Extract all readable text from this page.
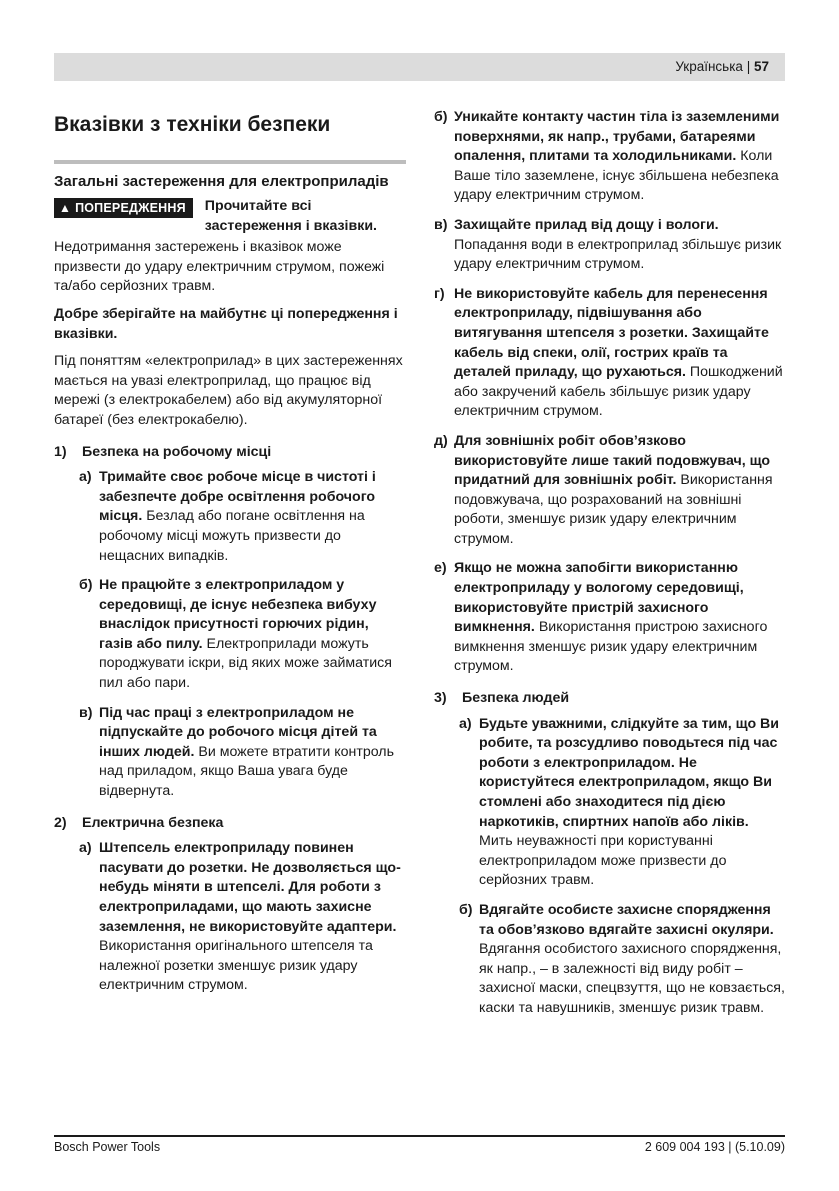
Українська | 57
Вказівки з техніки безпеки
Загальні застереження для електроприладів
▲ ПОПЕРЕДЖЕННЯ	Прочитайте всі застереження і вказівки.

Недотримання застережень і вказівок може призвести до удару електричним струмом, пожежі та/або серйозних травм.

Добре зберігайте на майбутнє ці попередження і вказівки.

Під поняттям «електроприлад» в цих застереженнях мається на увазі електроприлад, що працює від мережі (з електрокабелем) або від акумуляторної батареї (без електрокабелю).

1) Безпека на робочому місці
a) Тримайте своє робоче місце в чистоті і забезпечте добре освітлення робочого місця. Безлад або погане освітлення на робочому місці можуть призвести до нещасних випадків.
б) Не працюйте з електроприладом у середовищі, де існує небезпека вибуху внаслідок присутності горючих рідин, газів або пилу. Електроприлади можуть породжувати іскри, від яких може займатися пил або пари.
в) Під час праці з електроприладом не підпускайте до робочого місця дітей та інших людей. Ви можете втратити контроль над приладом, якщо Ваша увага буде відвернута.
2) Електрична безпека
a) Штепсель електроприладу повинен пасувати до розетки. Не дозволяється що-небудь міняти в штепселі. Для роботи з електроприладами, що мають захисне заземлення, не використовуйте адаптери. Використання оригінального штепселя та належної розетки зменшує ризик удару електричним струмом.
б) Уникайте контакту частин тіла із заземленими поверхнями, як напр., трубами, батареями опалення, плитами та холодильниками. Коли Ваше тіло заземлене, існує збільшена небезпека удару електричним струмом.
в) Захищайте прилад від дощу і вологи. Попадання води в електроприлад збільшує ризик удару електричним струмом.
г) Не використовуйте кабель для перенесення електроприладу, підвішування або витягування штепселя з розетки. Захищайте кабель від спеки, олії, гострих країв та деталей приладу, що рухаються. Пошкоджений або закручений кабель збільшує ризик удару електричним струмом.
д) Для зовнішніх робіт обов’язково використовуйте лише такий подовжувач, що придатний для зовнішніх робіт. Використання подовжувача, що розрахований на зовнішні роботи, зменшує ризик удару електричним струмом.
е) Якщо не можна запобігти використанню електроприладу у вологому середовищі, використовуйте пристрій захисного вимкнення. Використання пристрою захисного вимкнення зменшує ризик удару електричним струмом.
3) Безпека людей
a) Будьте уважними, слідкуйте за тим, що Ви робите, та розсудливо поводьтеся під час роботи з електроприладом. Не користуйтеся електроприладом, якщо Ви стомлені або знаходитеся під дією наркотиків, спиртних напоїв або ліків. Мить неуважності при користуванні електроприладом може призвести до серйозних травм.
б) Вдягайте особисте захисне спорядження та обов’язково вдягайте захисні окуляри. Вдягання особистого захисного спорядження, як напр., – в залежності від виду робіт – захисної маски, спецвзуття, що не ковзається, каски та навушників, зменшує ризик травм.
Bosch Power Tools	2 609 004 193 | (5.10.09)
